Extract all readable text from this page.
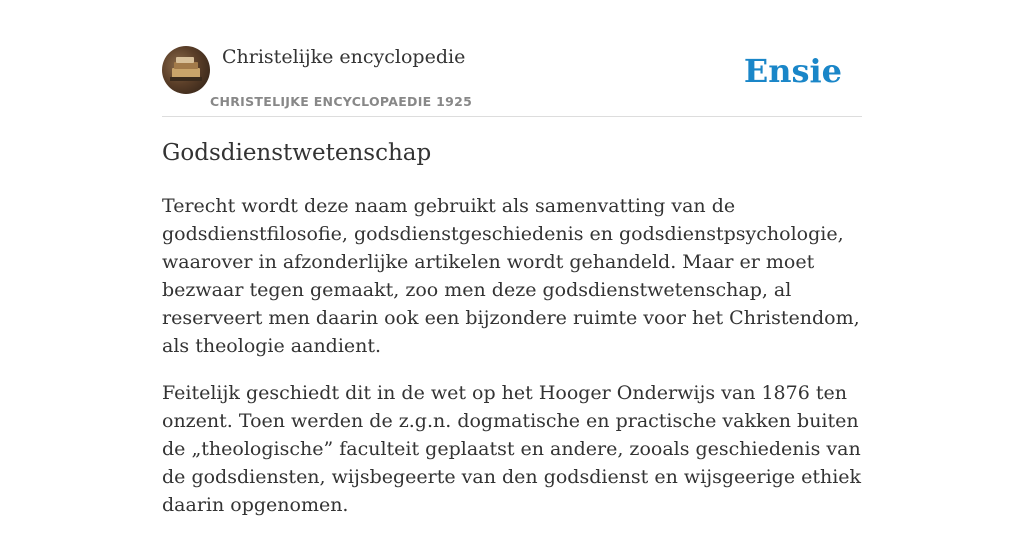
Christelijke encyclopedie
CHRISTELIJKE ENCYCLOPAEDIE 1925
Ensie
Godsdienstwetenschap

Terecht wordt deze naam gebruikt als samenvatting van de godsdienstfilosofie, godsdienstgeschiedenis en godsdienstpsychologie, waarover in afzonderlijke artikelen wordt gehandeld. Maar er moet bezwaar tegen gemaakt, zoo men deze godsdienstwetenschap, al reserveert men daarin ook een bijzondere ruimte voor het Christendom, als theologie aandient.

Feitelijk geschiedt dit in de wet op het Hooger Onderwijs van 1876 ten onzent. Toen werden de z.g.n. dogmatische en practische vakken buiten de „theologische” faculteit geplaatst en andere, zooals geschiedenis van de godsdiensten, wijsbegeerte van den godsdienst en wijsgeerige ethiek daarin opgenomen.
